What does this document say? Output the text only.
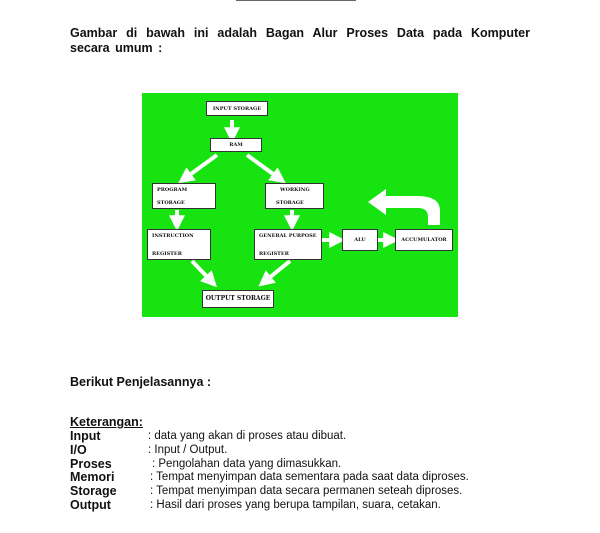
Gambar di bawah ini adalah Bagan Alur Proses Data pada Komputer secara umum :

INPUT STORAGE
RAM
PROGRAM
STORAGE
WORKING
STORAGE
INSTRUCTION
REGISTER
GENERAL PURPOSE
REGISTER
ALU	ACCUMULATOR
OUTPUT STORAGE
Berikut Penjelasannya :
Keterangan:
Input	: data yang akan di proses atau dibuat.
I/O	: Input / Output.
Proses	: Pengolahan data yang dimasukkan.
Memori	: Tempat menyimpan data sementara pada saat data diproses.
Storage	: Tempat menyimpan data secara permanen seteah diproses.
Output	: Hasil dari proses yang berupa tampilan, suara, cetakan.
